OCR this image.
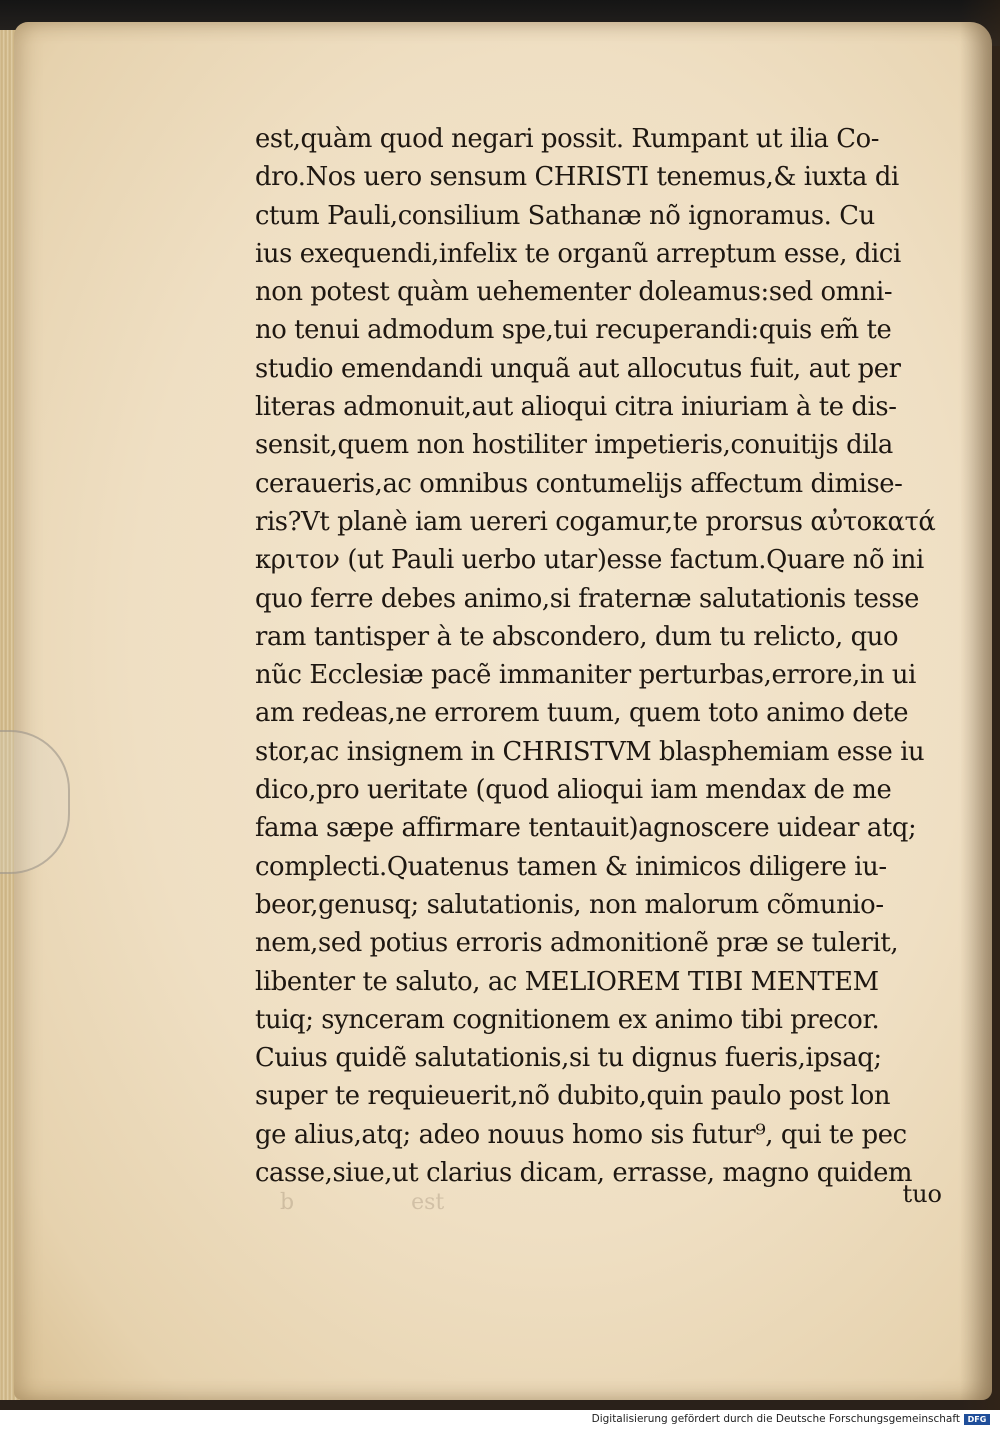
est,quàm quod negari possit. Rumpant ut ilia Co-
dro.Nos uero sensum CHRISTI tenemus,& iuxta di
ctum Pauli,consilium Sathanæ nõ ignoramus. Cu
ius exequendi,infelix te organũ arreptum esse, dici
non potest quàm uehementer doleamus:sed omni-
no tenui admodum spe,tui recuperandi:quis em̃ te
studio emendandi unquã aut allocutus fuit, aut per
literas admonuit,aut alioqui citra iniuriam à te dis-
sensit,quem non hostiliter impetieris,conuitijs dila
ceraueris,ac omnibus contumelijs affectum dimise-
ris?Vt planè iam uereri cogamur,te prorsus αὐτοκατά
κριτον (ut Pauli uerbo utar)esse factum.Quare nõ ini
quo ferre debes animo,si fraternæ salutationis tesse
ram tantisper à te abscondero, dum tu relicto, quo
nũc Ecclesiæ pacẽ immaniter perturbas,errore,in ui
am redeas,ne errorem tuum, quem toto animo dete
stor,ac insignem in CHRISTVM blasphemiam esse iu
dico,pro ueritate (quod alioqui iam mendax de me
fama sæpe affirmare tentauit)agnoscere uidear atq;
complecti.Quatenus tamen & inimicos diligere iu-
beor,genusq; salutationis, non malorum cõmunio-
nem,sed potius erroris admonitionẽ præ se tulerit,
libenter te saluto, ac MELIOREM TIBI MENTEM
tuiq; synceram cognitionem ex animo tibi precor.
Cuius quidẽ salutationis,si tu dignus fueris,ipsaq;
super te requieuerit,nõ dubito,quin paulo post lon
ge alius,atq; adeo nouus homo sis futur⁹, qui te pec
casse,siue,ut clarius dicam, errasse, magno quidem
b est	tuo
Digitalisierung gefördert durch die Deutsche Forschungsgemeinschaft DFG
